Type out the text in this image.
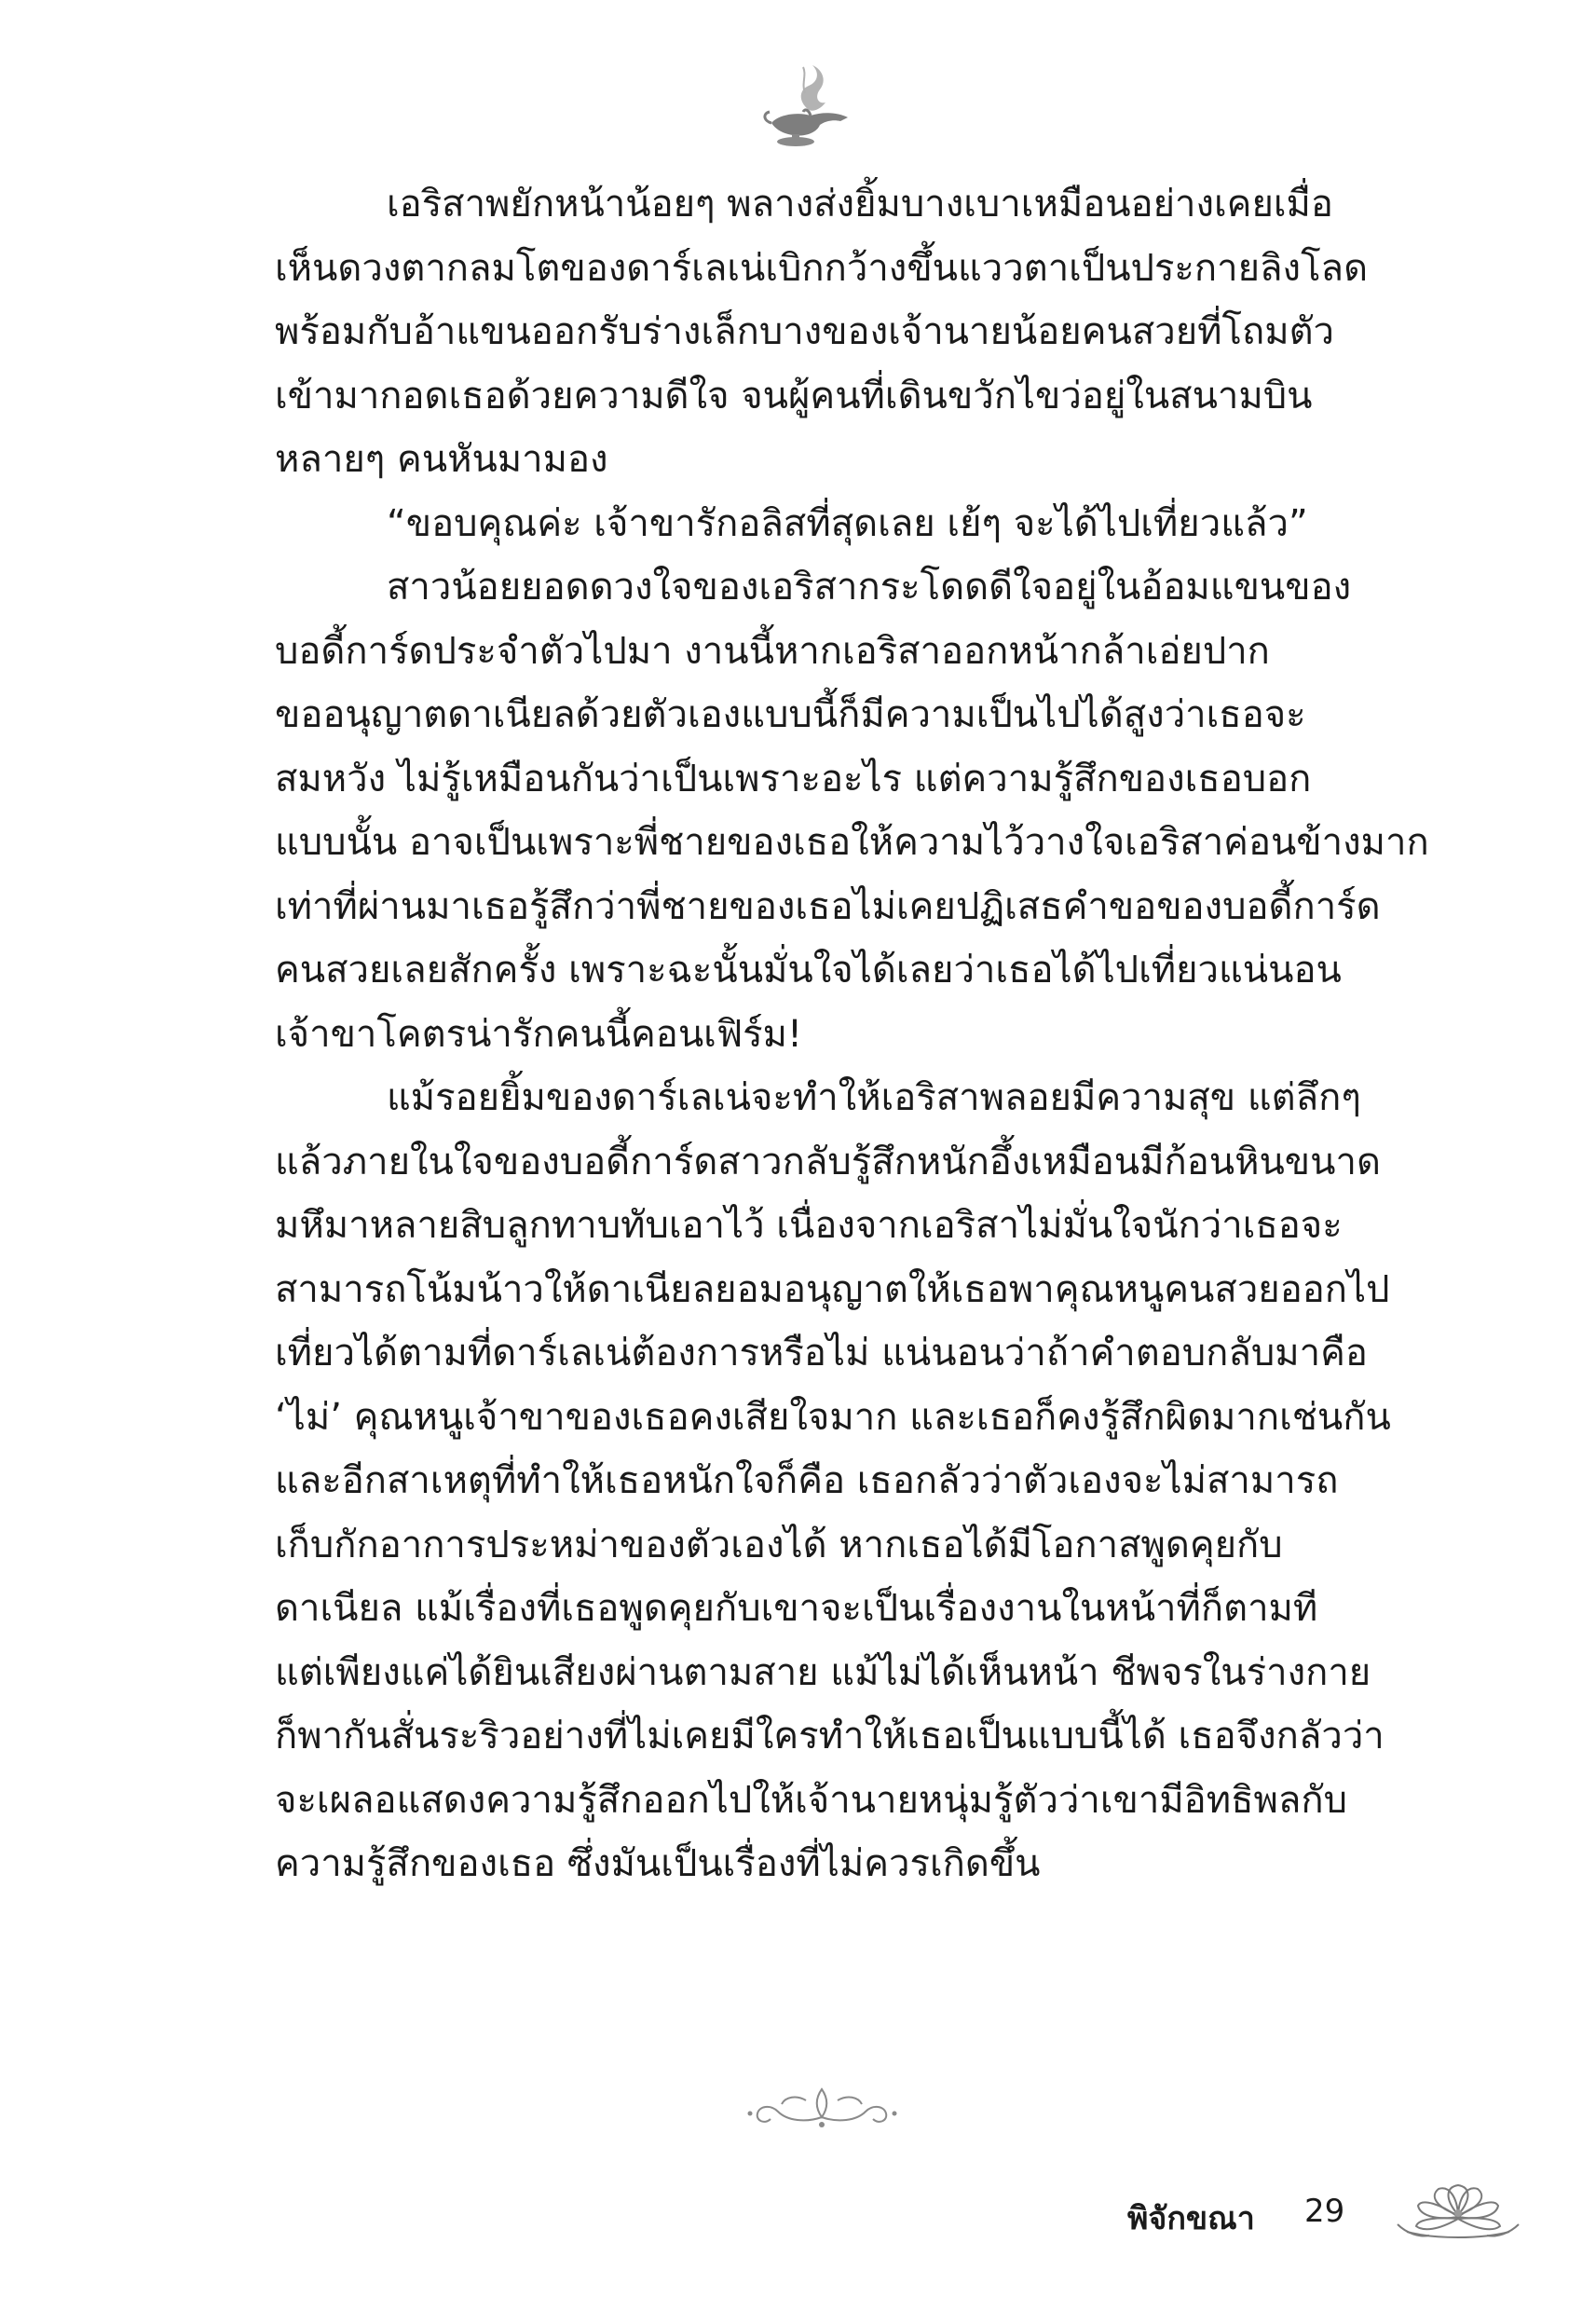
เอริสาพยักหน้าน้อยๆ พลางส่งยิ้มบางเบาเหมือนอย่างเคยเมื่อ
เห็นดวงตากลมโตของดาร์เลเน่เบิกกว้างขึ้นแววตาเป็นประกายลิงโลด
พร้อมกับอ้าแขนออกรับร่างเล็กบางของเจ้านายน้อยคนสวยที่โถมตัว
เข้ามากอดเธอด้วยความดีใจ จนผู้คนที่เดินขวักไขว่อยู่ในสนามบิน
หลายๆ คนหันมามอง
“ขอบคุณค่ะ เจ้าขารักอลิสที่สุดเลย เย้ๆ จะได้ไปเที่ยวแล้ว”
สาวน้อยยอดดวงใจของเอริสากระโดดดีใจอยู่ในอ้อมแขนของ
บอดี้การ์ดประจำตัวไปมา งานนี้หากเอริสาออกหน้ากล้าเอ่ยปาก
ขออนุญาตดาเนียลด้วยตัวเองแบบนี้ก็มีความเป็นไปได้สูงว่าเธอจะ
สมหวัง ไม่รู้เหมือนกันว่าเป็นเพราะอะไร แต่ความรู้สึกของเธอบอก
แบบนั้น อาจเป็นเพราะพี่ชายของเธอให้ความไว้วางใจเอริสาค่อนข้างมาก
เท่าที่ผ่านมาเธอรู้สึกว่าพี่ชายของเธอไม่เคยปฏิเสธคำขอของบอดี้การ์ด
คนสวยเลยสักครั้ง เพราะฉะนั้นมั่นใจได้เลยว่าเธอได้ไปเที่ยวแน่นอน
เจ้าขาโคตรน่ารักคนนี้คอนเฟิร์ม!
แม้รอยยิ้มของดาร์เลเน่จะทำให้เอริสาพลอยมีความสุข แต่ลึกๆ
แล้วภายในใจของบอดี้การ์ดสาวกลับรู้สึกหนักอึ้งเหมือนมีก้อนหินขนาด
มหึมาหลายสิบลูกทาบทับเอาไว้ เนื่องจากเอริสาไม่มั่นใจนักว่าเธอจะ
สามารถโน้มน้าวให้ดาเนียลยอมอนุญาตให้เธอพาคุณหนูคนสวยออกไป
เที่ยวได้ตามที่ดาร์เลเน่ต้องการหรือไม่ แน่นอนว่าถ้าคำตอบกลับมาคือ
‘ไม่’ คุณหนูเจ้าขาของเธอคงเสียใจมาก และเธอก็คงรู้สึกผิดมากเช่นกัน
และอีกสาเหตุที่ทำให้เธอหนักใจก็คือ เธอกลัวว่าตัวเองจะไม่สามารถ
เก็บกักอาการประหม่าของตัวเองได้ หากเธอได้มีโอกาสพูดคุยกับ
ดาเนียล แม้เรื่องที่เธอพูดคุยกับเขาจะเป็นเรื่องงานในหน้าที่ก็ตามที
แต่เพียงแค่ได้ยินเสียงผ่านตามสาย แม้ไม่ได้เห็นหน้า ชีพจรในร่างกาย
ก็พากันสั่นระริวอย่างที่ไม่เคยมีใครทำให้เธอเป็นแบบนี้ได้ เธอจึงกลัวว่า
จะเผลอแสดงความรู้สึกออกไปให้เจ้านายหนุ่มรู้ตัวว่าเขามีอิทธิพลกับ
ความรู้สึกของเธอ ซึ่งมันเป็นเรื่องที่ไม่ควรเกิดขึ้น
พิจักขณา 29
